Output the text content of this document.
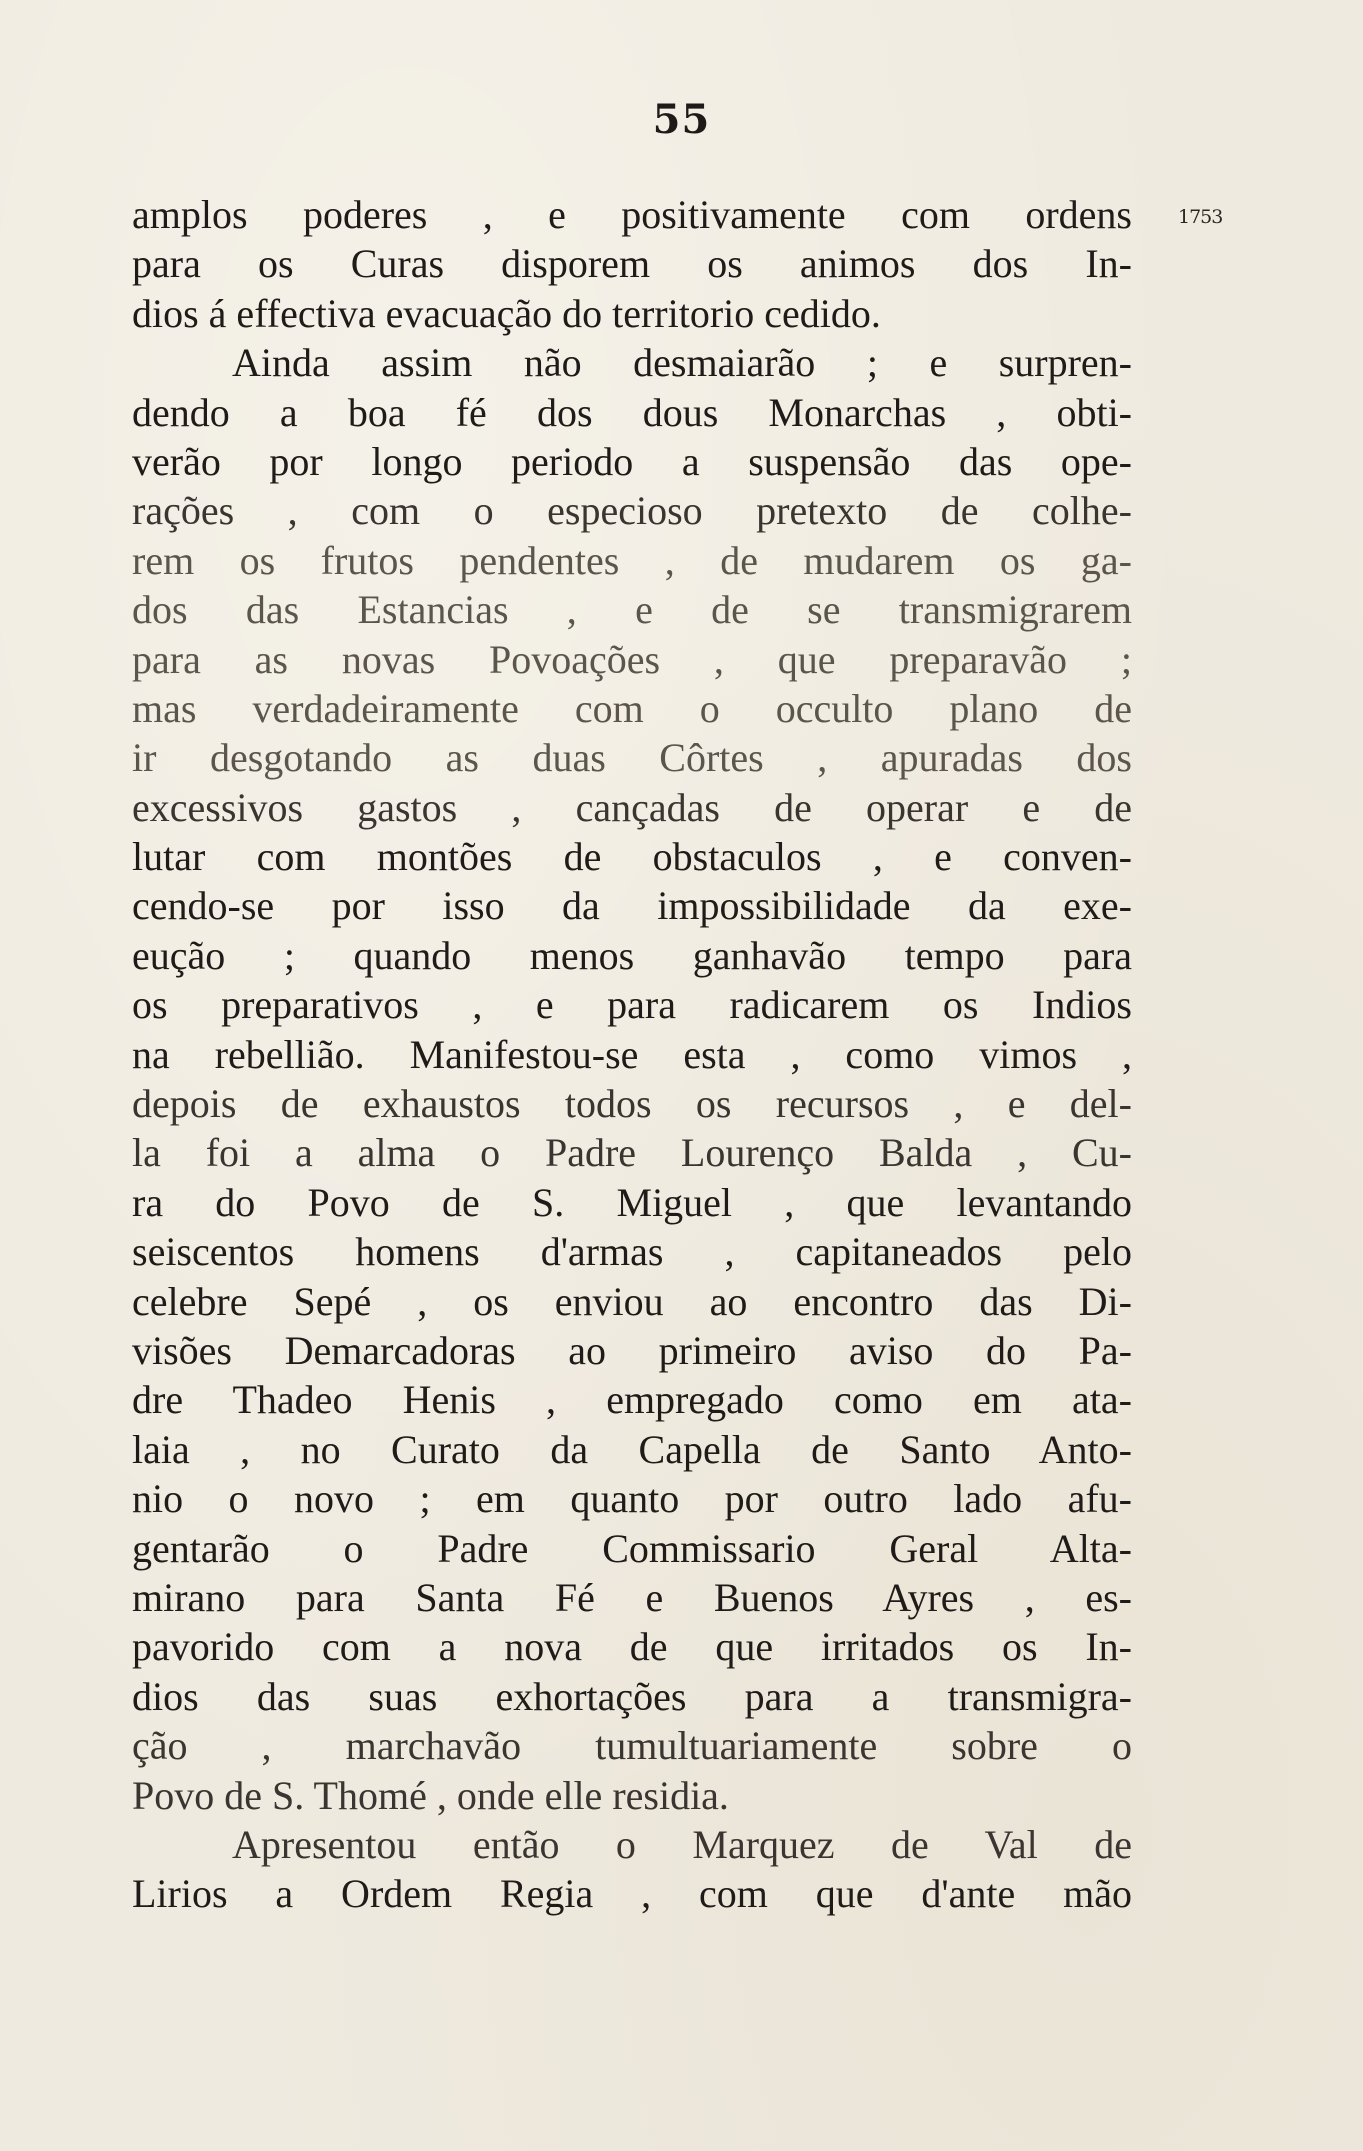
55
1753
amplos poderes , e positivamente com ordens
para os Curas disporem os animos dos In-
dios á effectiva evacuação do territorio cedido.
Ainda assim não desmaiarão ; e surpren-
dendo a boa fé dos dous Monarchas , obti-
verão por longo periodo a suspensão das ope-
rações , com o especioso pretexto de colhe-
rem os frutos pendentes , de mudarem os ga-
dos das Estancias , e de se transmigrarem
para as novas Povoações , que preparavão ;
mas verdadeiramente com o occulto plano de
ir desgotando as duas Côrtes , apuradas dos
excessivos gastos , cançadas de operar e de
lutar com montões de obstaculos , e conven-
cendo-se por isso da impossibilidade da exe-
eução ; quando menos ganhavão tempo para
os preparativos , e para radicarem os Indios
na rebellião. Manifestou-se esta , como vimos ,
depois de exhaustos todos os recursos , e del-
la foi a alma o Padre Lourenço Balda , Cu-
ra do Povo de S. Miguel , que levantando
seiscentos homens d'armas , capitaneados pelo
celebre Sepé , os enviou ao encontro das Di-
visões Demarcadoras ao primeiro aviso do Pa-
dre Thadeo Henis , empregado como em ata-
laia , no Curato da Capella de Santo Anto-
nio o novo ; em quanto por outro lado afu-
gentarão o Padre Commissario Geral Alta-
mirano para Santa Fé e Buenos Ayres , es-
pavorido com a nova de que irritados os In-
dios das suas exhortações para a transmigra-
ção , marchavão tumultuariamente sobre o
Povo de S. Thomé , onde elle residia.
Apresentou então o Marquez de Val de
Lirios a Ordem Regia , com que d'ante mão
